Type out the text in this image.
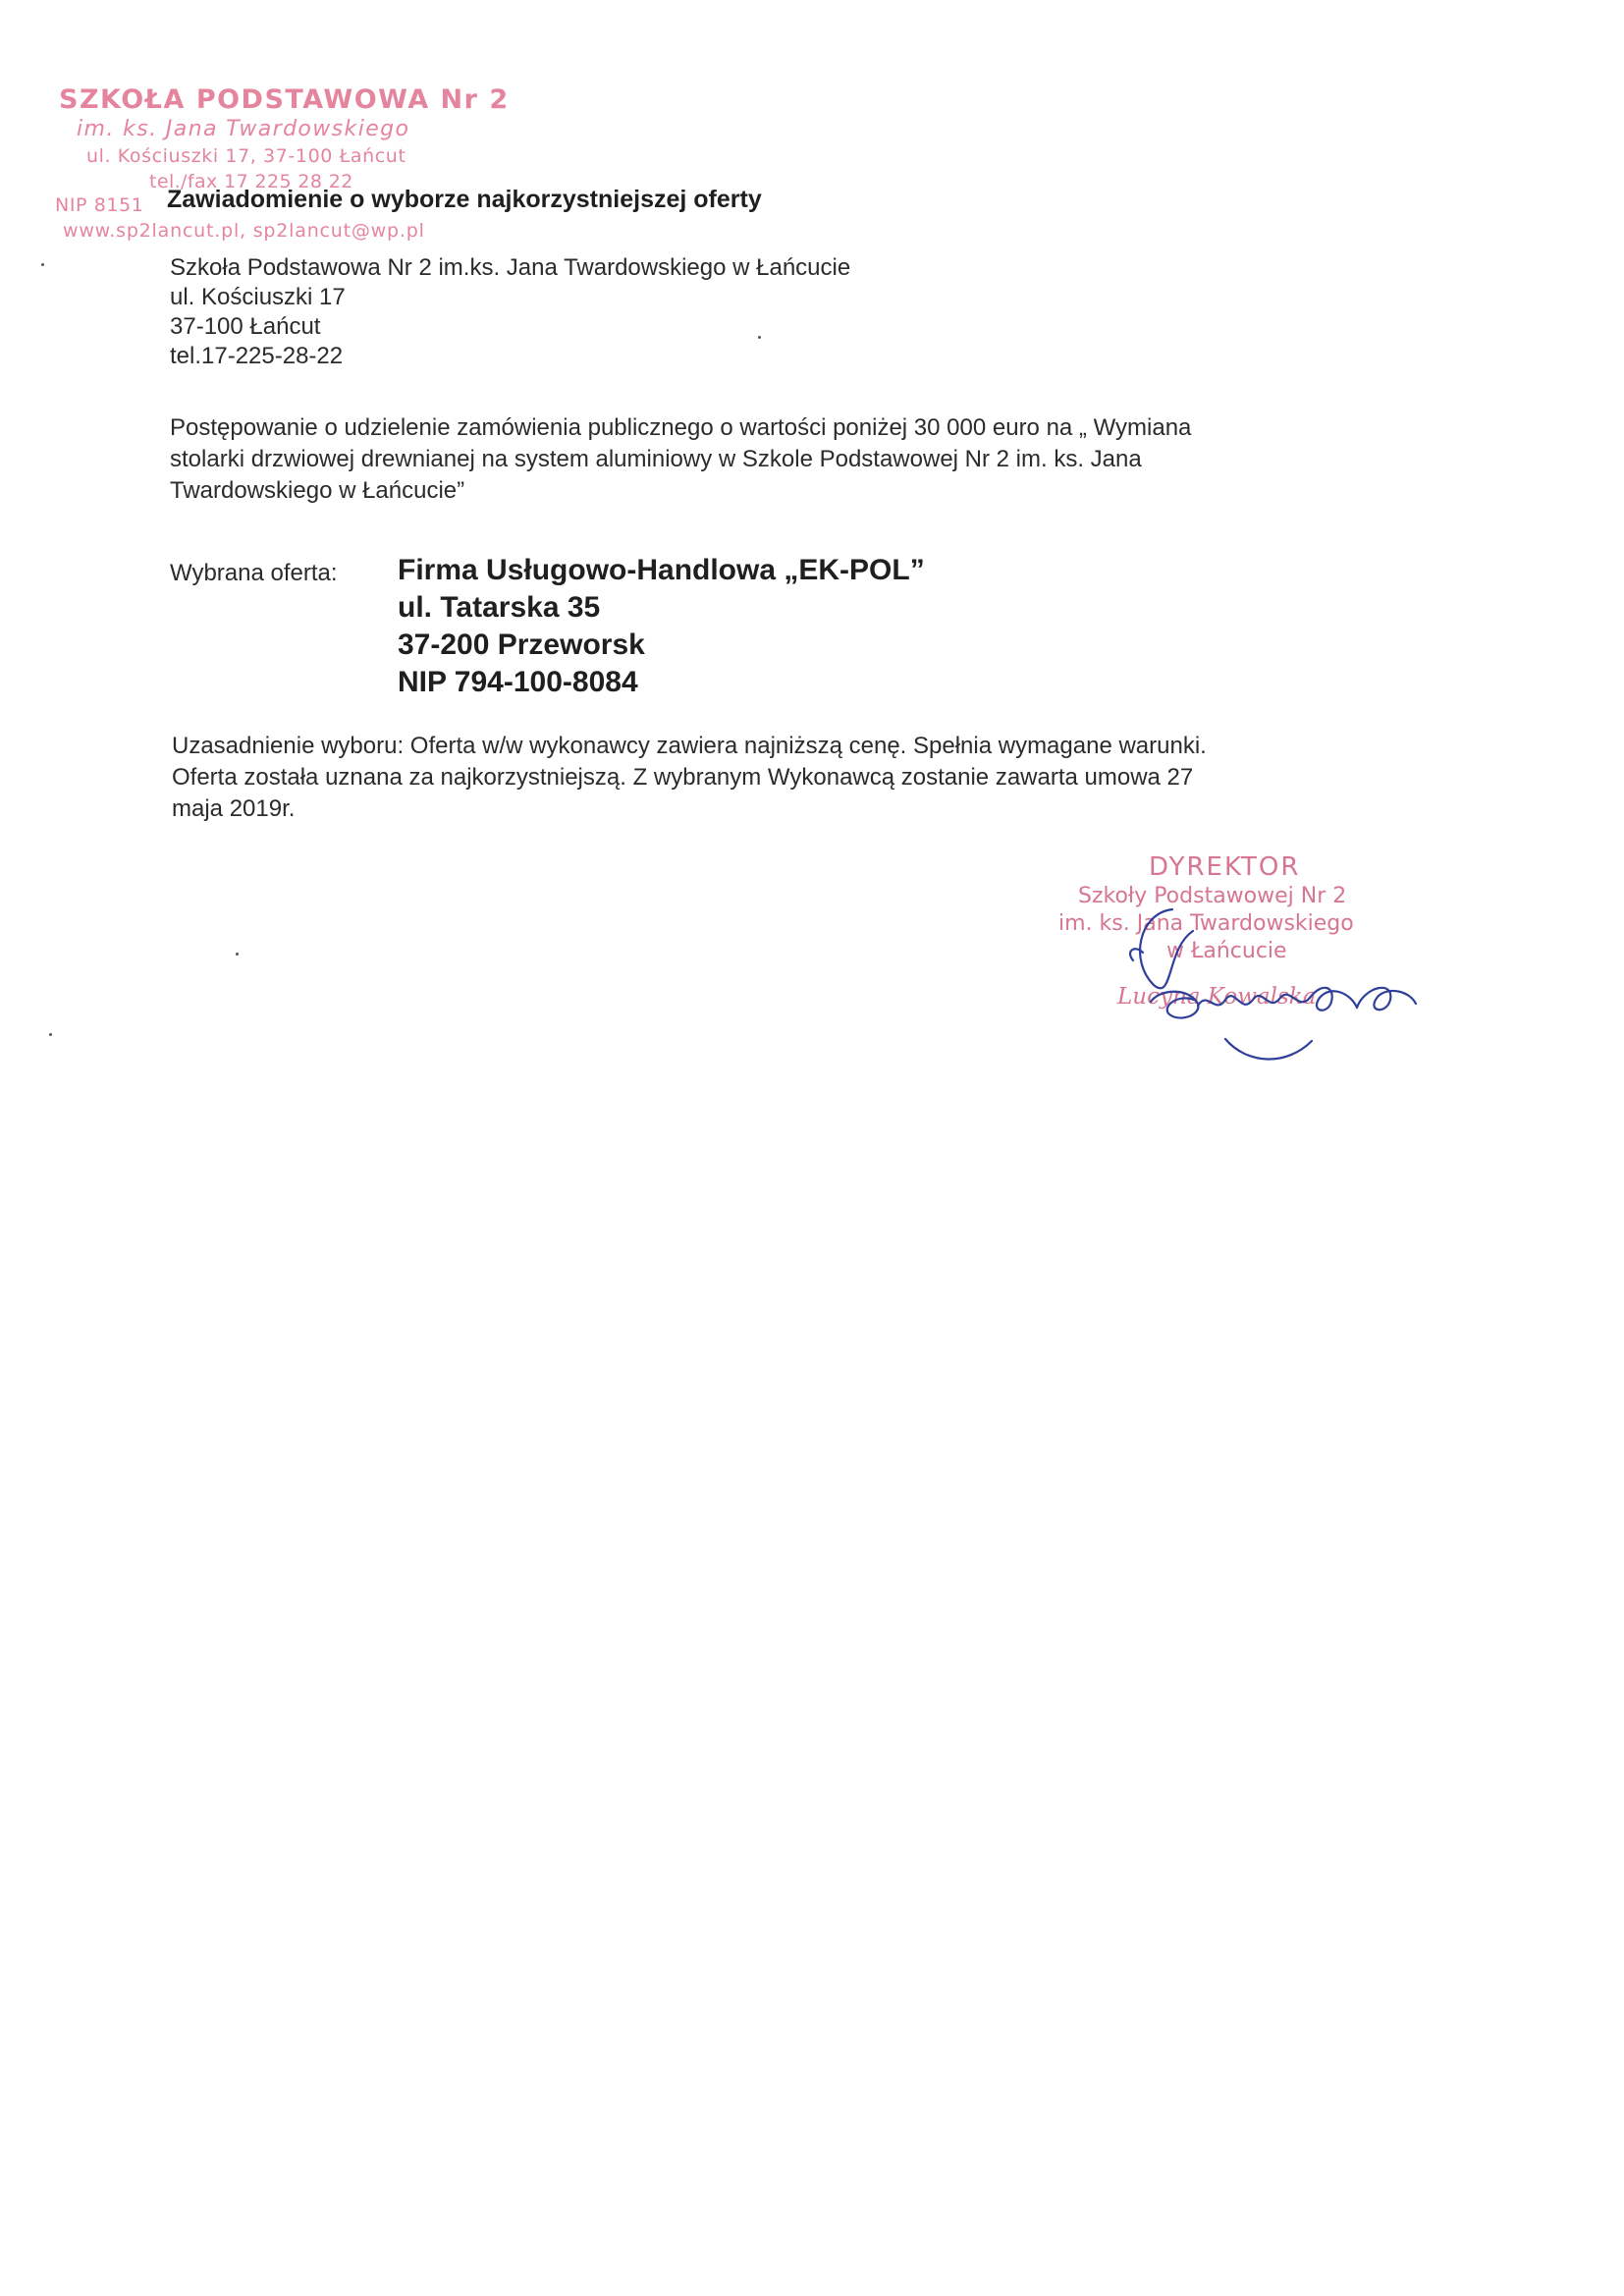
SZKOŁA PODSTAWOWA Nr 2
im. ks. Jana Twardowskiego
ul. Kościuszki 17, 37-100 Łańcut
tel./fax 17 225 28 22
NIP 8151
www.sp2lancut.pl, sp2lancut@wp.pl
Zawiadomienie o wyborze najkorzystniejszej oferty
Szkoła Podstawowa Nr 2 im.ks. Jana Twardowskiego w Łańcucie
ul. Kościuszki 17
37-100 Łańcut
tel.17-225-28-22
Postępowanie o udzielenie zamówienia publicznego o wartości poniżej 30 000 euro na „ Wymiana
stolarki drzwiowej drewnianej na system aluminiowy w Szkole Podstawowej Nr 2 im. ks. Jana
Twardowskiego w Łańcucie”
Wybrana oferta: Firma Usługowo-Handlowa „EK-POL”
ul. Tatarska 35
37-200 Przeworsk
NIP 794-100-8084
Uzasadnienie wyboru: Oferta w/w wykonawcy zawiera najniższą cenę. Spełnia wymagane warunki.
Oferta została uznana za najkorzystniejszą. Z wybranym Wykonawcą zostanie zawarta umowa 27
maja 2019r.
DYREKTOR
Szkoły Podstawowej Nr 2
im. ks. Jana Twardowskiego
w Łańcucie
Lucyna Kowalska
